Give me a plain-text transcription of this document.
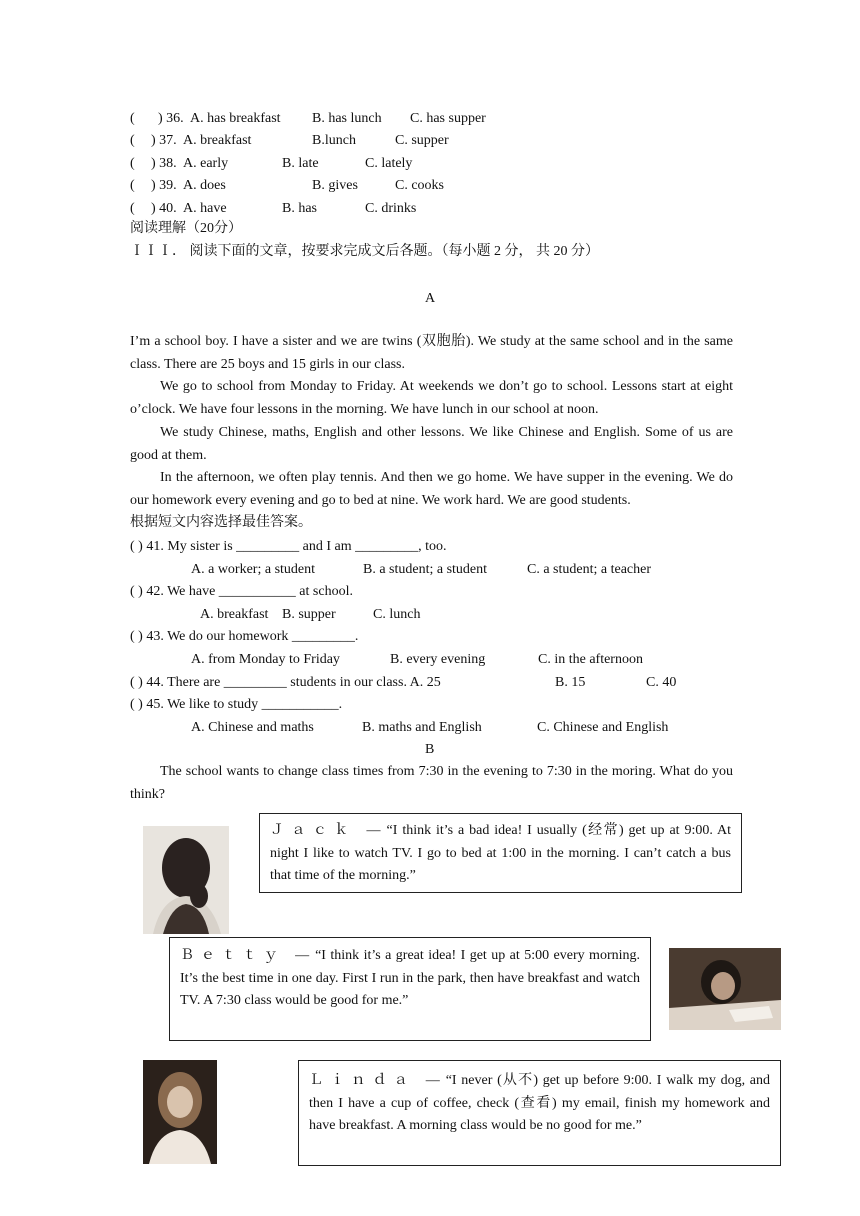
( ) 36. A. has breakfast B. has lunch C. has supper
( ) 37. A. breakfast	B.lunch	C. supper
( ) 38. A. early	B. late	C. lately
( ) 39. A. does	B. gives	C. cooks
( ) 40. A. have	B. has	C. drinks
阅读理解（20分）
ＩＩＩ． 阅读下面的文章，按要求完成文后各题。（每小题 2 分， 共 20 分）
A
I’m a school boy. I have a sister and we are twins (双胞胎). We study at the same school and in the same class. There are 25 boys and 15 girls in our class.
We go to school from Monday to Friday. At weekends we don’t go to school. Lessons start at eight o’clock. We have four lessons in the morning. We have lunch in our school at noon.
We study Chinese, maths, English and other lessons. We like Chinese and English. Some of us are good at them.
In the afternoon, we often play tennis. And then we go home. We have supper in the evening. We do our homework every evening and go to bed at nine. We work hard. We are good students.
根据短文内容选择最佳答案。
( ) 41. My sister is _________ and I am _________, too.
A. a worker; a student	B. a student; a student	C. a student; a teacher
( ) 42. We have ___________ at school.
A. breakfast B. supper	C. lunch
( ) 43. We do our homework _________.
A. from Monday to Friday	B. every evening	C. in the afternoon
( ) 44. There are _________ students in our class. A. 25	B. 15	C. 40
( ) 45. We like to study ___________.
A. Chinese and maths	B. maths and English	C. Chinese and English
B
The school wants to change class times from 7:30 in the evening to 7:30 in the moring. What do you think?
Ｊａｃｋ —“I think it’s a bad idea! I usually (经常) get up at 9:00. At night I like to watch TV. I go to bed at 1:00 in the morning. I can’t catch a bus that time of the morning.”
Ｂｅｔｔｙ —“I think it’s a great idea! I get up at 5:00 every morning. It’s the best time in one day. First I run in the park, then have breakfast and watch TV. A 7:30 class would be good for me.”
Ｌｉｎｄａ —“I never (从不) get up before 9:00. I walk my dog, and then I have a cup of coffee, check (查看) my email, finish my homework and have breakfast. A morning class would be no good for me.”
